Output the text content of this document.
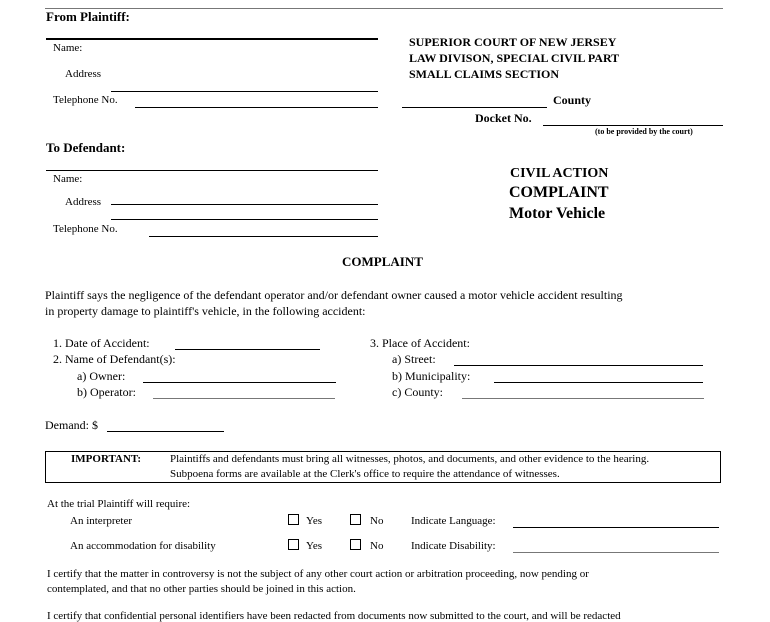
From Plaintiff:
Name:
Address
Telephone No.
SUPERIOR COURT OF NEW JERSEY
LAW DIVISON, SPECIAL CIVIL PART
SMALL CLAIMS SECTION
County
Docket No.
(to be provided by the court)
To Defendant:
Name:
Address
Telephone No.
CIVIL ACTION
COMPLAINT
Motor Vehicle
COMPLAINT
Plaintiff says the negligence of the defendant operator and/or defendant owner caused a motor vehicle accident resulting
in property damage to plaintiff's vehicle, in the following accident:
1. Date of Accident:
2. Name of Defendant(s):
a) Owner:
b) Operator:
3. Place of Accident:
a) Street:
b) Municipality:
c) County:
Demand: $
IMPORTANT:	Plaintiffs and defendants must bring all witnesses, photos, and documents, and other evidence to the hearing.
Subpoena forms are available at the Clerk's office to require the attendance of witnesses.
At the trial Plaintiff will require:
An interpreter	Yes	No	Indicate Language:
An accommodation for disability	Yes	No	Indicate Disability:
I certify that the matter in controversy is not the subject of any other court action or arbitration proceeding, now pending or
contemplated, and that no other parties should be joined in this action.
I certify that confidential personal identifiers have been redacted from documents now submitted to the court, and will be redacted
